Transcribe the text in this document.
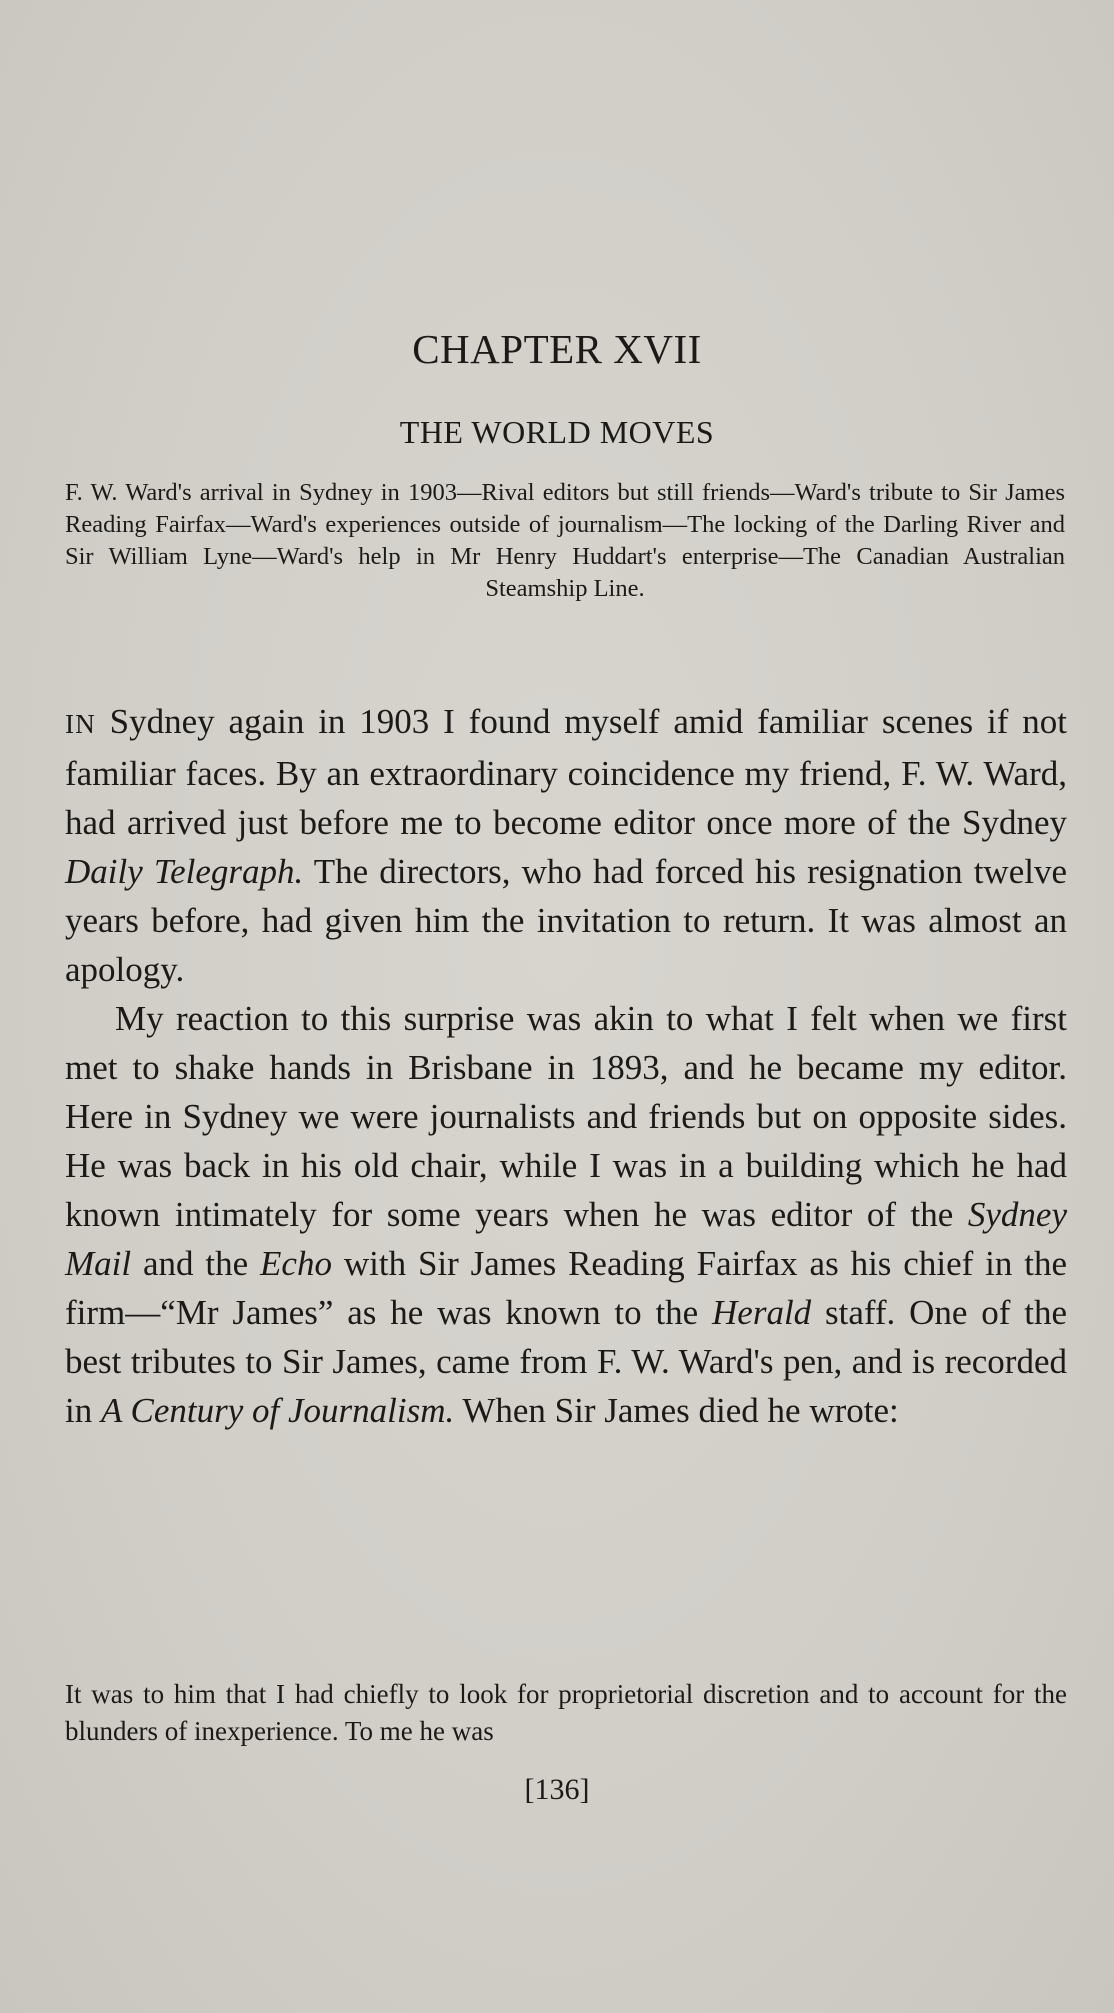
CHAPTER XVII
THE WORLD MOVES
F. W. Ward's arrival in Sydney in 1903—Rival editors but still friends—Ward's tribute to Sir James Reading Fairfax—Ward's experiences outside of journalism—The locking of the Darling River and Sir William Lyne—Ward's help in Mr Henry Huddart's enterprise—The Canadian Australian Steamship Line.

IN Sydney again in 1903 I found myself amid familiar scenes if not familiar faces. By an extraordinary coincidence my friend, F. W. Ward, had arrived just before me to become editor once more of the Sydney Daily Telegraph. The directors, who had forced his resignation twelve years before, had given him the invitation to return. It was almost an apology.

My reaction to this surprise was akin to what I felt when we first met to shake hands in Brisbane in 1893, and he became my editor. Here in Sydney we were journalists and friends but on opposite sides. He was back in his old chair, while I was in a building which he had known intimately for some years when he was editor of the Sydney Mail and the Echo with Sir James Reading Fairfax as his chief in the firm—“Mr James” as he was known to the Herald staff. One of the best tributes to Sir James, came from F. W. Ward's pen, and is recorded in A Century of Journalism. When Sir James died he wrote:

It was to him that I had chiefly to look for proprietorial discretion and to account for the blunders of inexperience. To me he was
[136]
